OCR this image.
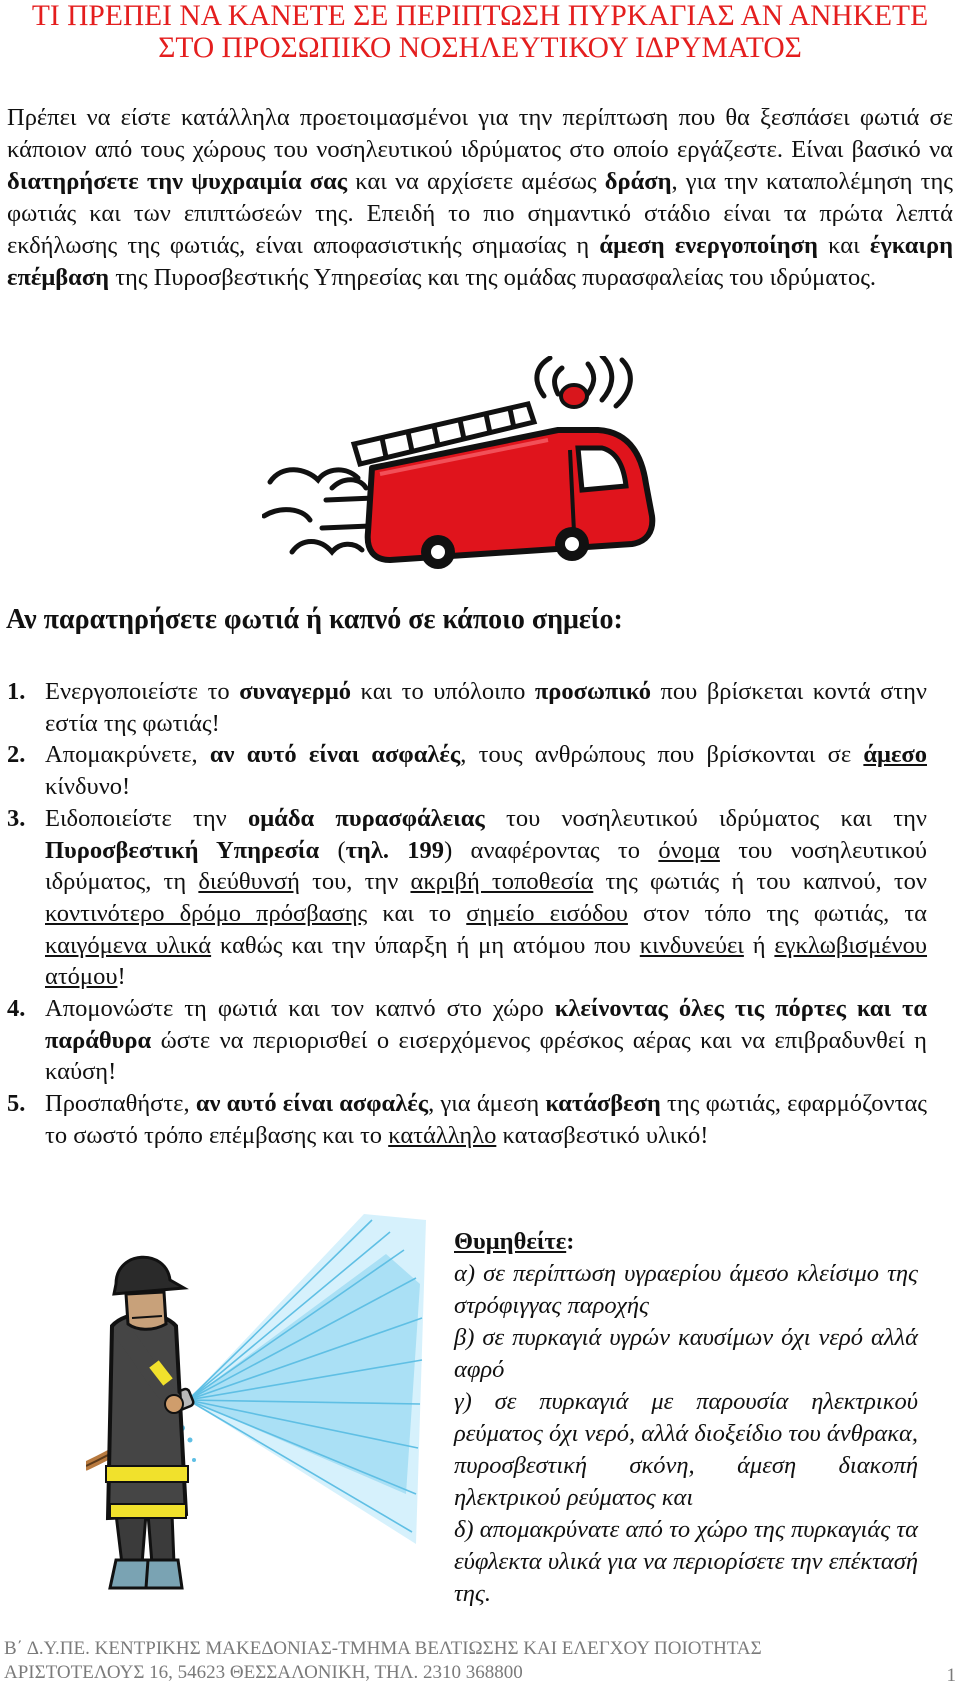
ΤΙ ΠΡΕΠΕΙ ΝΑ ΚΑΝΕΤΕ ΣΕ ΠΕΡΙΠΤΩΣΗ ΠΥΡΚΑΓΙΑΣ ΑΝ ΑΝΗΚΕΤΕ ΣΤΟ ΠΡΟΣΩΠΙΚΟ ΝΟΣΗΛΕΥΤΙΚΟΥ ΙΔΡΥΜΑΤΟΣ

Πρέπει να είστε κατάλληλα προετοιμασμένοι για την περίπτωση που θα ξεσπάσει φωτιά σε κάποιον από τους χώρους του νοσηλευτικού ιδρύματος στο οποίο εργάζεστε. Είναι βασικό να διατηρήσετε την ψυχραιμία σας και να αρχίσετε αμέσως δράση, για την καταπολέμηση της φωτιάς και των επιπτώσεών της. Επειδή το πιο σημαντικό στάδιο είναι τα πρώτα λεπτά εκδήλωσης της φωτιάς, είναι αποφασιστικής σημασίας η άμεση ενεργοποίηση και έγκαιρη επέμβαση της Πυροσβεστικής Υπηρεσίας και της ομάδας πυρασφαλείας του ιδρύματος.

Αν παρατηρήσετε φωτιά ή καπνό σε κάποιο σημείο:
1. Ενεργοποιείστε το συναγερμό και το υπόλοιπο προσωπικό που βρίσκεται κοντά στην εστία της φωτιάς!
2. Απομακρύνετε, αν αυτό είναι ασφαλές, τους ανθρώπους που βρίσκονται σε άμεσο κίνδυνο!
3. Ειδοποιείστε την ομάδα πυρασφάλειας του νοσηλευτικού ιδρύματος και την Πυροσβεστική Υπηρεσία (τηλ. 199) αναφέροντας το όνομα του νοσηλευτικού ιδρύματος, τη διεύθυνσή του, την ακριβή τοποθεσία της φωτιάς ή του καπνού, τον κοντινότερο δρόμο πρόσβασης και το σημείο εισόδου στον τόπο της φωτιάς, τα καιγόμενα υλικά καθώς και την ύπαρξη ή μη ατόμου που κινδυνεύει ή εγκλωβισμένου ατόμου!
4. Απομονώστε τη φωτιά και τον καπνό στο χώρο κλείνοντας όλες τις πόρτες και τα παράθυρα ώστε να περιορισθεί ο εισερχόμενος φρέσκος αέρας και να επιβραδυνθεί η καύση!
5. Προσπαθήστε, αν αυτό είναι ασφαλές, για άμεση κατάσβεση της φωτιάς, εφαρμόζοντας το σωστό τρόπο επέμβασης και το κατάλληλο κατασβεστικό υλικό!

Θυμηθείτε:

α) σε περίπτωση υγραερίου άμεσο κλείσιμο της στρόφιγγας παροχής

β) σε πυρκαγιά υγρών καυσίμων όχι νερό αλλά αφρό

γ) σε πυρκαγιά με παρουσία ηλεκτρικού ρεύματος όχι νερό, αλλά διοξείδιο του άνθρακα, πυροσβεστική σκόνη, άμεση διακοπή ηλεκτρικού ρεύματος και

δ) απομακρύνατε από το χώρο της πυρκαγιάς τα εύφλεκτα υλικά για να περιορίσετε την επέκτασή της.

Β΄ Δ.Υ.ΠΕ. ΚΕΝΤΡΙΚΗΣ ΜΑΚΕΔΟΝΙΑΣ-ΤΜΗΜΑ ΒΕΛΤΙΩΣΗΣ ΚΑΙ ΕΛΕΓΧΟΥ ΠΟΙΟΤΗΤΑΣ
ΑΡΙΣΤΟΤΕΛΟΥΣ 16, 54623 ΘΕΣΣΑΛΟΝΙΚΗ, ΤΗΛ. 2310 368800	1
